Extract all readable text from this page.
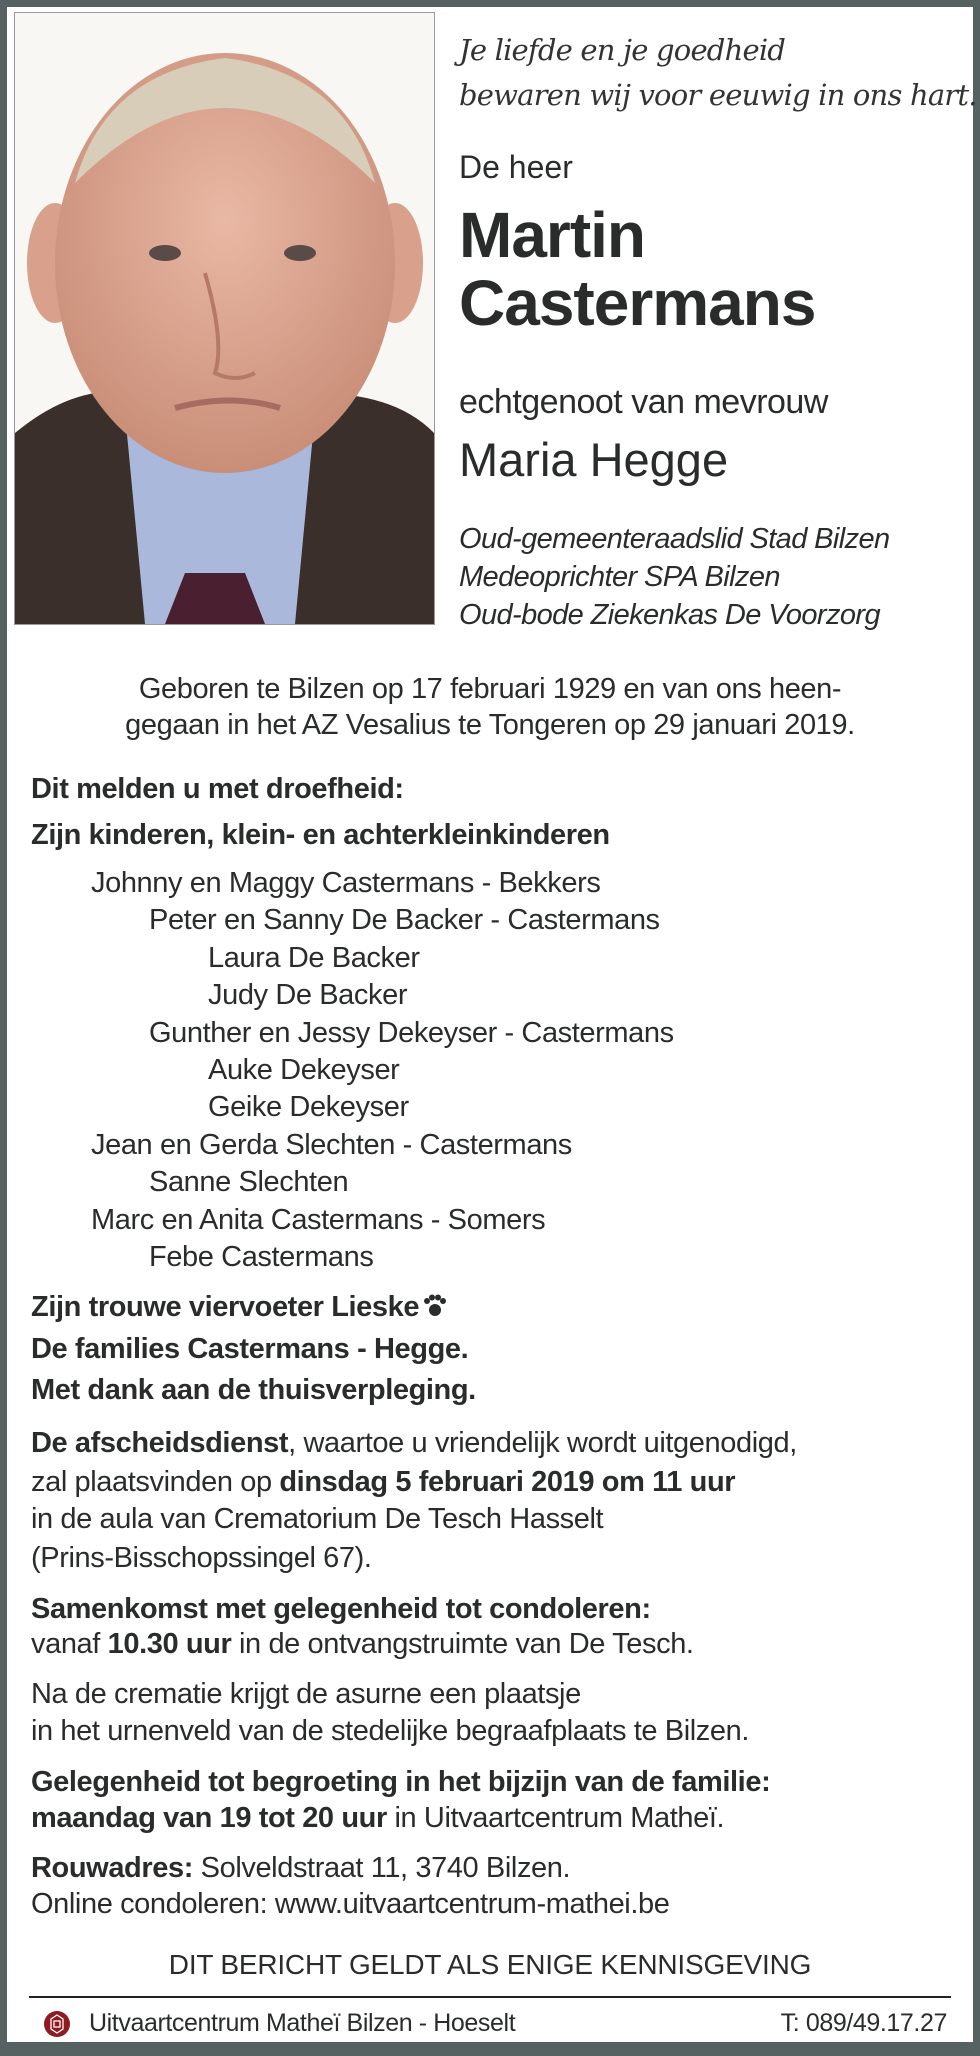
Je liefde en je goedheid
bewaren wij voor eeuwig in ons hart.
De heer
Martin
Castermans
echtgenoot van mevrouw
Maria Hegge
Oud-gemeenteraadslid Stad Bilzen
Medeoprichter SPA Bilzen
Oud-bode Ziekenkas De Voorzorg
Geboren te Bilzen op 17 februari 1929 en van ons heen-
gegaan in het AZ Vesalius te Tongeren op 29 januari 2019.
Dit melden u met droefheid:
Zijn kinderen, klein- en achterkleinkinderen
Zijn trouwe viervoeter Lieske
De families Castermans - Hegge.
Met dank aan de thuisverpleging.
De afscheidsdienst, waartoe u vriendelijk wordt uitgenodigd,
zal plaatsvinden op dinsdag 5 februari 2019 om 11 uur
in de aula van Crematorium De Tesch Hasselt
(Prins-Bisschopssingel 67).
Samenkomst met gelegenheid tot condoleren:
vanaf 10.30 uur in de ontvangstruimte van De Tesch.
Na de crematie krijgt de asurne een plaatsje
in het urnenveld van de stedelijke begraafplaats te Bilzen.
Gelegenheid tot begroeting in het bijzijn van de familie:
maandag van 19 tot 20 uur in Uitvaartcentrum Matheï.
Rouwadres: Solveldstraat 11, 3740 Bilzen.
Online condoleren: www.uitvaartcentrum-mathei.be
DIT BERICHT GELDT ALS ENIGE KENNISGEVING
Uitvaartcentrum Matheï Bilzen - Hoeselt	T: 089/49.17.27
Johnny en Maggy Castermans - Bekkers
Peter en Sanny De Backer - Castermans
Laura De Backer
Judy De Backer
Gunther en Jessy Dekeyser - Castermans
Auke Dekeyser
Geike Dekeyser
Jean en Gerda Slechten - Castermans
Sanne Slechten
Marc en Anita Castermans - Somers
Febe Castermans
